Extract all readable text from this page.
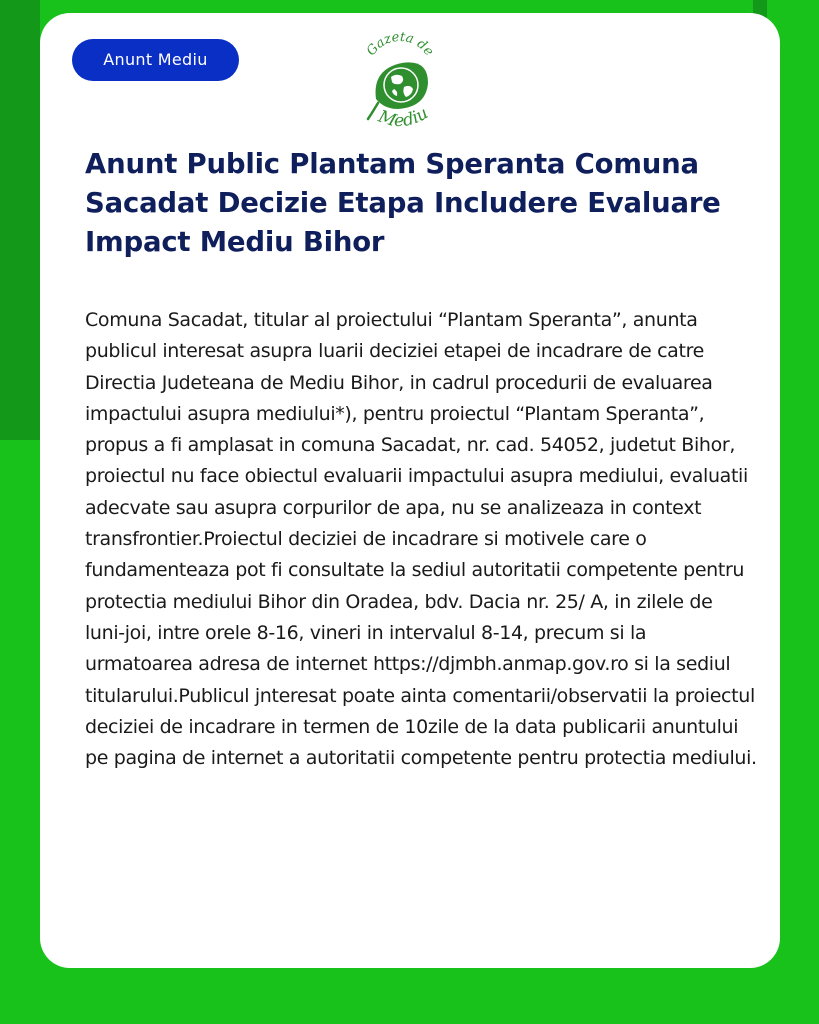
Anunt Mediu	Gazeta de
Mediu
Anunt Public Plantam Speranta Comuna Sacadat Decizie Etapa Includere Evaluare Impact Mediu Bihor

Comuna Sacadat, titular al proiectului “Plantam Speranta”, anunta publicul interesat asupra luarii deciziei etapei de incadrare de catre Directia Judeteana de Mediu Bihor, in cadrul procedurii de evaluarea impactului asupra mediului*), pentru proiectul “Plantam Speranta”, propus a fi amplasat in comuna Sacadat, nr. cad. 54052, judetut Bihor, proiectul nu face obiectul evaluarii impactului asupra mediului, evaluatii adecvate sau asupra corpurilor de apa, nu se analizeaza in context transfrontier.Proiectul deciziei de incadrare si motivele care o fundamenteaza pot fi consultate la sediul autoritatii competente pentru protectia mediului Bihor din Oradea, bdv. Dacia nr. 25/ A, in zilele de luni-joi, intre orele 8-16, vineri in intervalul 8-14, precum si la urmatoarea adresa de internet https://djmbh.anmap.gov.ro si la sediul titularului.Publicul jnteresat poate ainta comentarii/observatii la proiectul deciziei de incadrare in termen de 10zile de la data publicarii anuntului pe pagina de internet a autoritatii competente pentru protectia mediului.
